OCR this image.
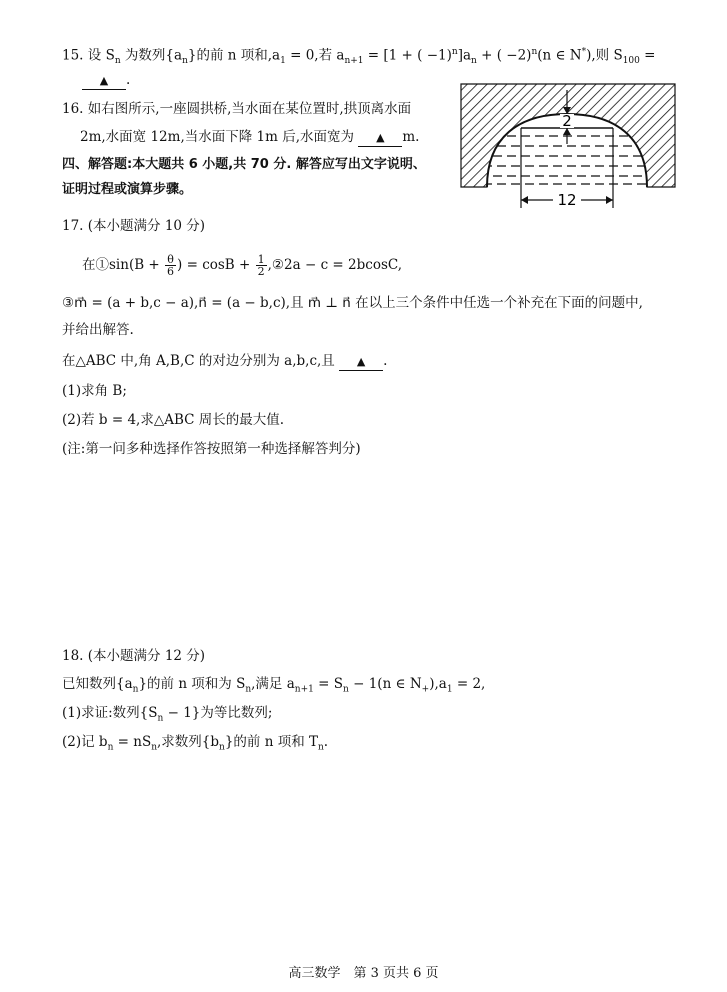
15. 设 $S_n$ 为数列$\{a_n\}$的前 n 项和$,a_1 = 0$,若 $a_{n+1} = [1$ + ( $-1)^n]a_n$ + ( −2)$^n$(n ∈ N*),则 $S_{100}$ =
▲ .
16. 如右图所示,一座圆拱桥,当水面在某位置时,拱顶离水面
2m,水面宽 12m,当水面下降 1m 后,水面宽为 ▲ m.
四、解答题:本大题共 6 小题,共 70 分. 解答应写出文字说明、
证明过程或演算步骤。
2
12
17. (本小题满分 10 分)
在①sin(B + $\frac{\theta}{6}$ ) = $\cos B + \frac{1}{2}$ ,②2a − c = 2bcosC,
③m⃗ = (a + b,c − a),n⃗ = (a − b,c),且 m⃗ ⊥ n⃗ 在以上三个条件中任选一个补充在下面的问题中,
并给出解答.
在△ABC 中,角 A,B,C 的对边分别为 a,b,c,且 ▲ .
(1)求角 B;
(2)若 b = 4,求△ABC 周长的最大值.
(注:第一问多种选择作答按照第一种选择解答判分)
18. (本小题满分 12 分)
已知数列$\{a_n\}$的前 n 项和为 $S_n$,满足 $a_{n+1} = S_n - 1(n$ ∈ $N_+),a_1 = 2$,
(1)求证:数列$\{S_n - 1\}$为等比数列;
(2)记 $b_n = nS_n$,求数列$\{b_n\}$的前 n 项和 $T_n$.
高三数学　第 3 页共 6 页
